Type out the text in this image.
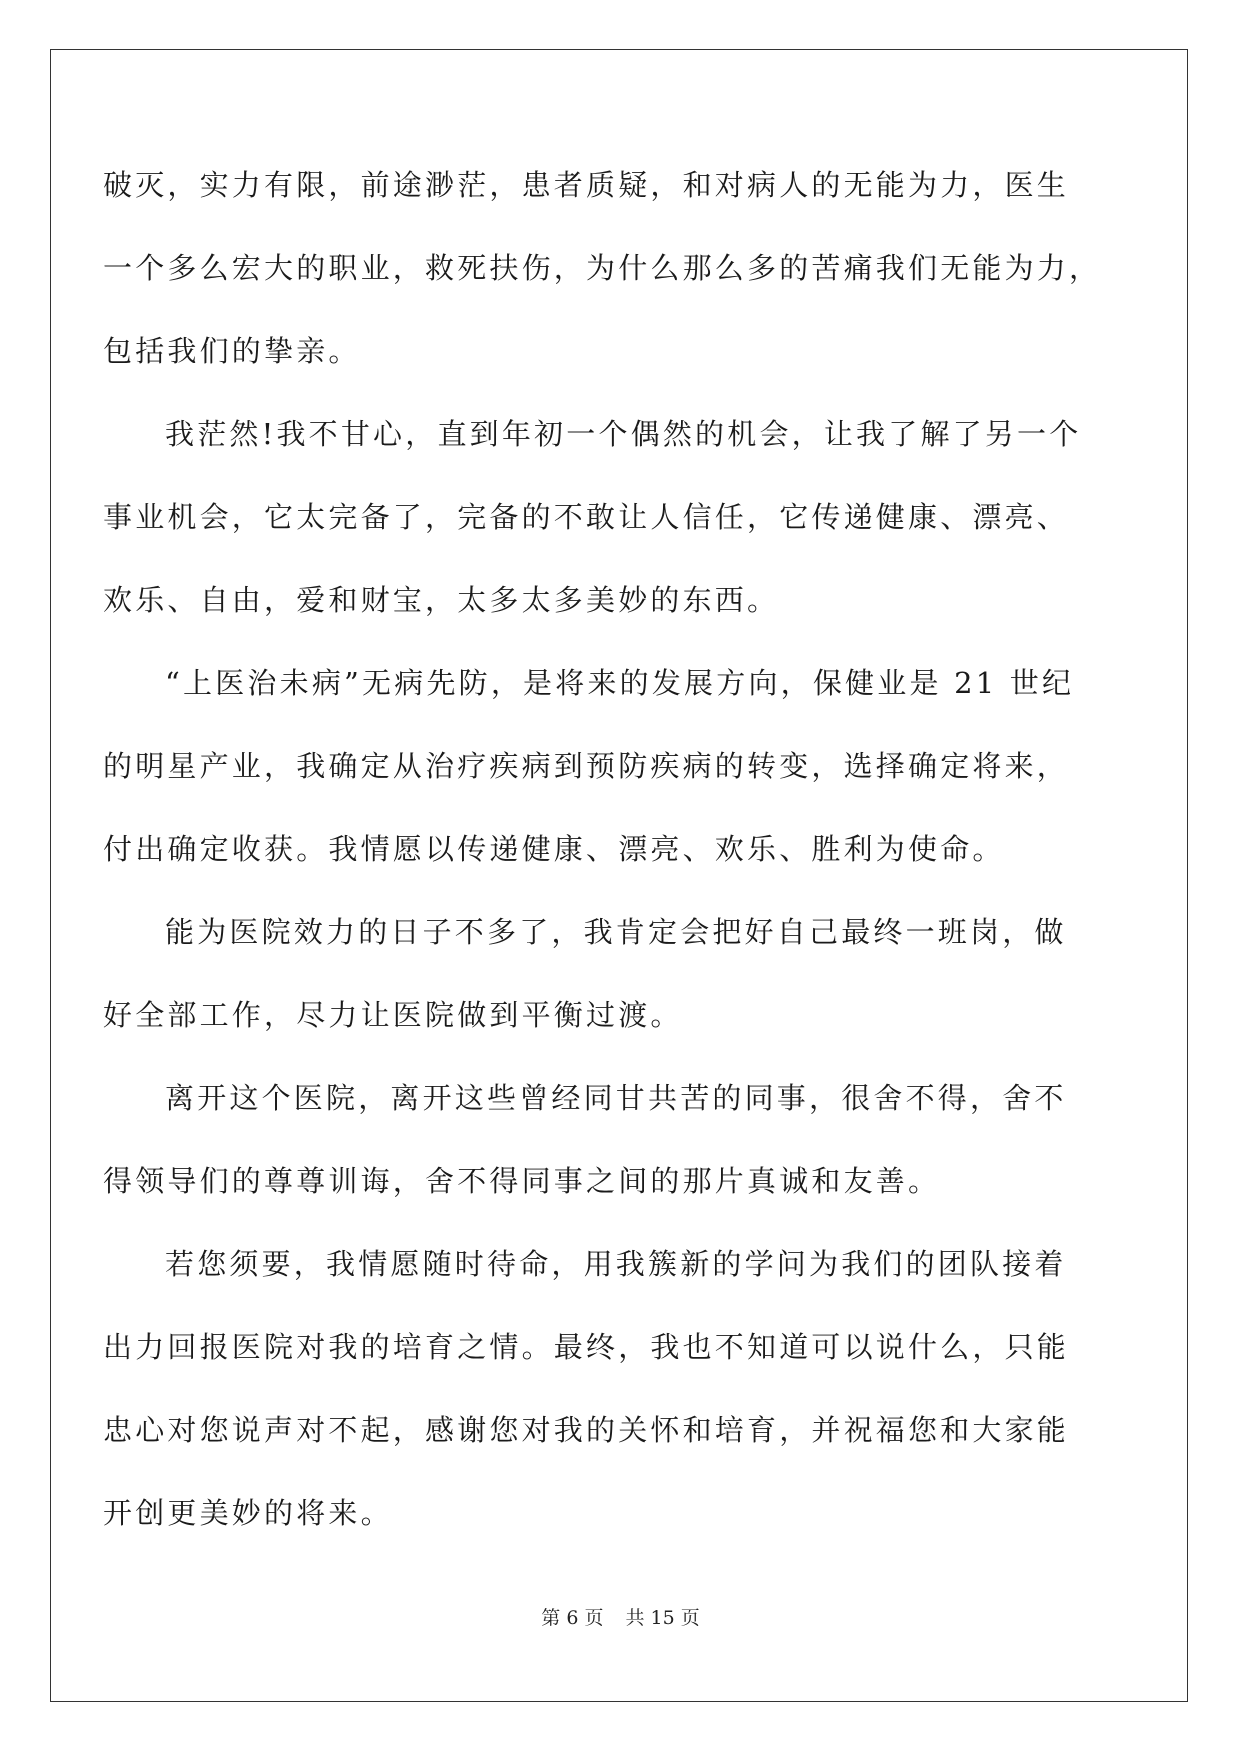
破灭，实力有限，前途渺茫，患者质疑，和对病人的无能为力，医生
一个多么宏大的职业，救死扶伤，为什么那么多的苦痛我们无能为力，
包括我们的挚亲。
我茫然!我不甘心，直到年初一个偶然的机会，让我了解了另一个
事业机会，它太完备了，完备的不敢让人信任，它传递健康、漂亮、
欢乐、自由，爱和财宝，太多太多美妙的东西。
“上医治未病”无病先防，是将来的发展方向，保健业是 21 世纪
的明星产业，我确定从治疗疾病到预防疾病的转变，选择确定将来，
付出确定收获。我情愿以传递健康、漂亮、欢乐、胜利为使命。
能为医院效力的日子不多了，我肯定会把好自己最终一班岗，做
好全部工作，尽力让医院做到平衡过渡。
离开这个医院，离开这些曾经同甘共苦的同事，很舍不得，舍不
得领导们的尊尊训诲，舍不得同事之间的那片真诚和友善。
若您须要，我情愿随时待命，用我簇新的学问为我们的团队接着
出力回报医院对我的培育之情。最终，我也不知道可以说什么，只能
忠心对您说声对不起，感谢您对我的关怀和培育，并祝福您和大家能
开创更美妙的将来。
第 6 页 共 15 页
